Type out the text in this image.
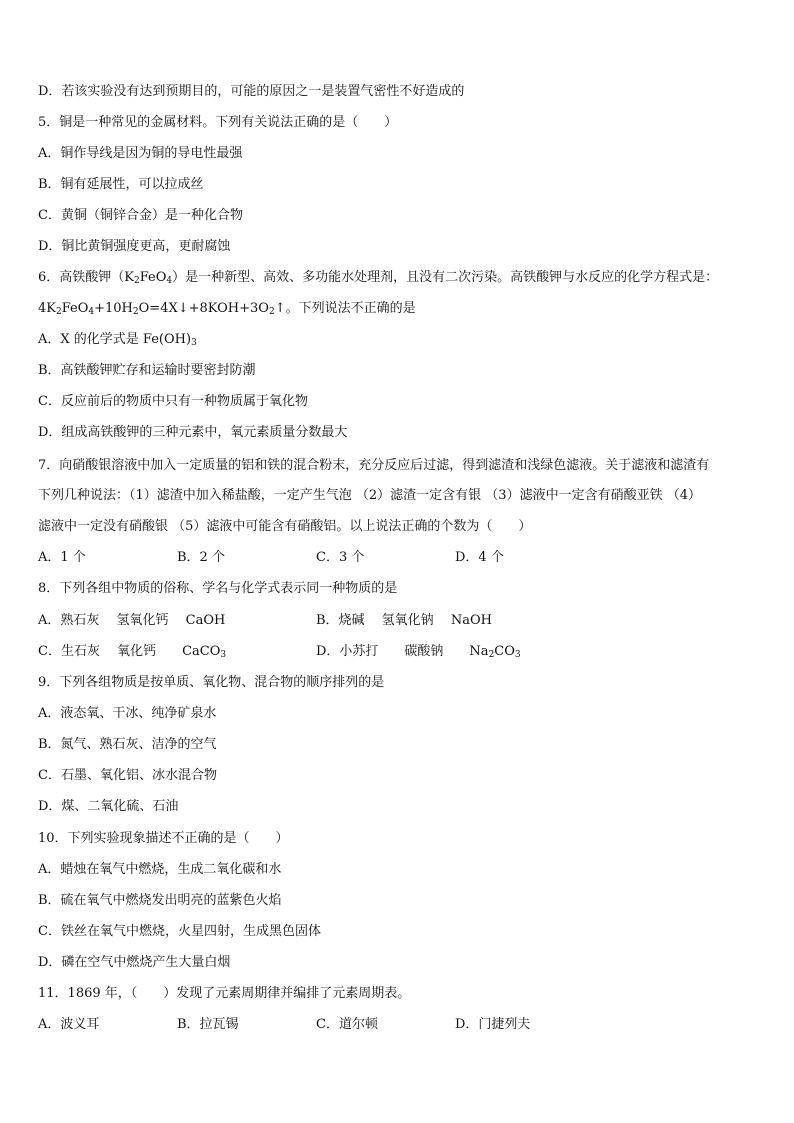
D．若该实验没有达到预期目的，可能的原因之一是装置气密性不好造成的
5．铜是一种常见的金属材料。下列有关说法正确的是（　　）
A．铜作导线是因为铜的导电性最强
B．铜有延展性，可以拉成丝
C．黄铜（铜锌合金）是一种化合物
D．铜比黄铜强度更高，更耐腐蚀
6．高铁酸钾$(K_2FeO_4)$是一种新型、高效、多功能水处理剂，且没有二次污染。高铁酸钾与水反应的化学方程式是：
$4K_2FeO_4+10H_2O=4X↓+8KOH+3O_2↑$。下列说法不正确的是
A．X 的化学式是 $Fe(OH)_3$
B．高铁酸钾贮存和运输时要密封防潮
C．反应前后的物质中只有一种物质属于氧化物
D．组成高铁酸钾的三种元素中，氧元素质量分数最大
7．向硝酸银溶液中加入一定质量的铝和铁的混合粉末，充分反应后过滤，得到滤渣和浅绿色滤液。关于滤液和滤渣有
下列几种说法：（1）滤渣中加入稀盐酸，一定产生气泡 （2）滤渣一定含有银 （3）滤液中一定含有硝酸亚铁 （4）
滤液中一定没有硝酸银 （5）滤液中可能含有硝酸铝。以上说法正确的个数为（　　）
A．1 个	B．2 个	C．3 个	D．4 个
8．下列各组中物质的俗称、学名与化学式表示同一种物质的是
A．熟石灰　 氢氧化钙　 CaOH	B．烧碱　 氢氧化钠　 NaOH
C．生石灰　 氧化钙　　CaCO$_3$	D．小苏打　　碳酸钠　　$Na_2CO_3$
9．下列各组物质是按单质、氧化物、混合物的顺序排列的是
A．液态氧、干冰、纯净矿泉水
B．氮气、熟石灰、洁净的空气
C．石墨、氧化铝、冰水混合物
D．煤、二氧化硫、石油
10．下列实验现象描述不正确的是（　　）
A．蜡烛在氧气中燃烧，生成二氧化碳和水
B．硫在氧气中燃烧发出明亮的蓝紫色火焰
C．铁丝在氧气中燃烧，火星四射，生成黑色固体
D．磷在空气中燃烧产生大量白烟
11．1869 年，（　　）发现了元素周期律并编排了元素周期表。
A．波义耳	B．拉瓦锡	C．道尔顿	D．门捷列夫
